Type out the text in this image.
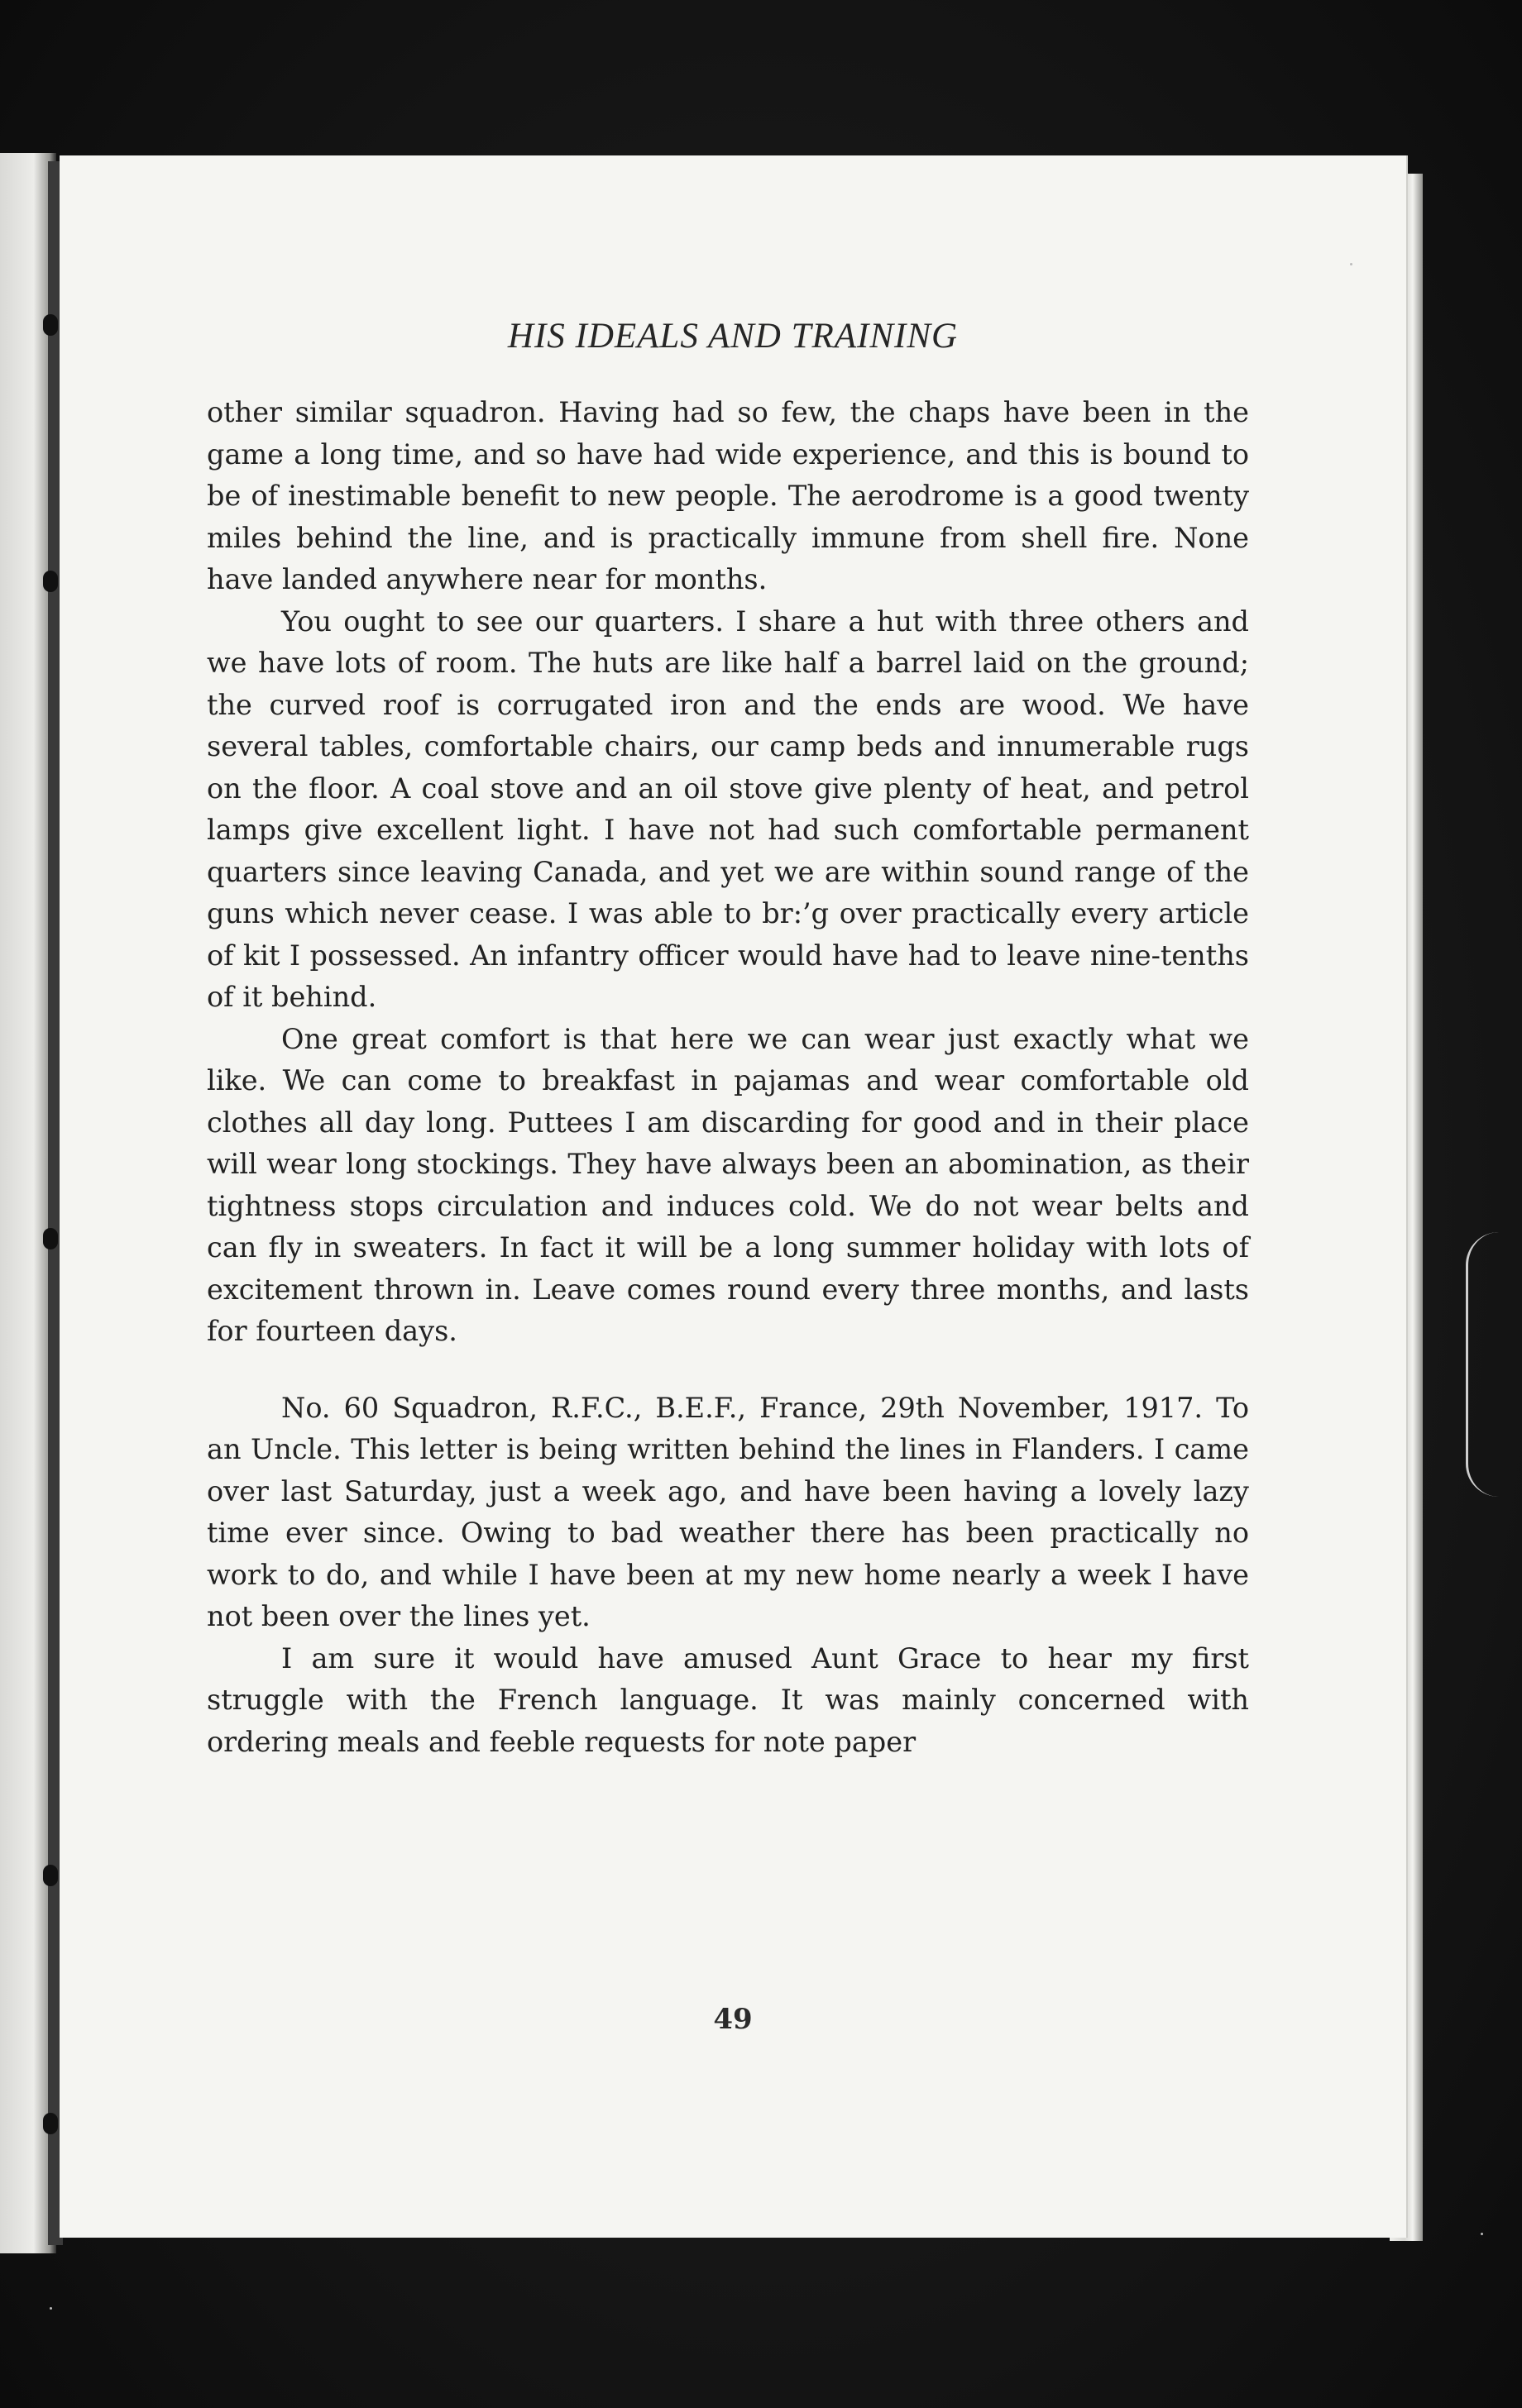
HIS IDEALS AND TRAINING

other similar squadron. Having had so few, the chaps have been in the game a long time, and so have had wide experience, and this is bound to be of inestimable benefit to new people. The aerodrome is a good twenty miles behind the line, and is practically immune from shell fire. None have landed anywhere near for months.

You ought to see our quarters. I share a hut with three others and we have lots of room. The huts are like half a barrel laid on the ground; the curved roof is corrugated iron and the ends are wood. We have several tables, comfortable chairs, our camp beds and innumerable rugs on the floor. A coal stove and an oil stove give plenty of heat, and petrol lamps give excellent light. I have not had such comfortable permanent quarters since leaving Canada, and yet we are within sound range of the guns which never cease. I was able to br:’g over practically every article of kit I possessed. An infantry officer would have had to leave nine-tenths of it behind.

One great comfort is that here we can wear just exactly what we like. We can come to breakfast in pajamas and wear comfortable old clothes all day long. Puttees I am discarding for good and in their place will wear long stockings. They have always been an abomination, as their tightness stops circulation and induces cold. We do not wear belts and can fly in sweaters. In fact it will be a long summer holiday with lots of excitement thrown in. Leave comes round every three months, and lasts for fourteen days.

No. 60 Squadron, R.F.C., B.E.F., France, 29th November, 1917. To an Uncle. This letter is being written behind the lines in Flanders. I came over last Saturday, just a week ago, and have been having a lovely lazy time ever since. Owing to bad weather there has been practically no work to do, and while I have been at my new home nearly a week I have not been over the lines yet.

I am sure it would have amused Aunt Grace to hear my first struggle with the French language. It was mainly concerned with ordering meals and feeble requests for note paper

49
